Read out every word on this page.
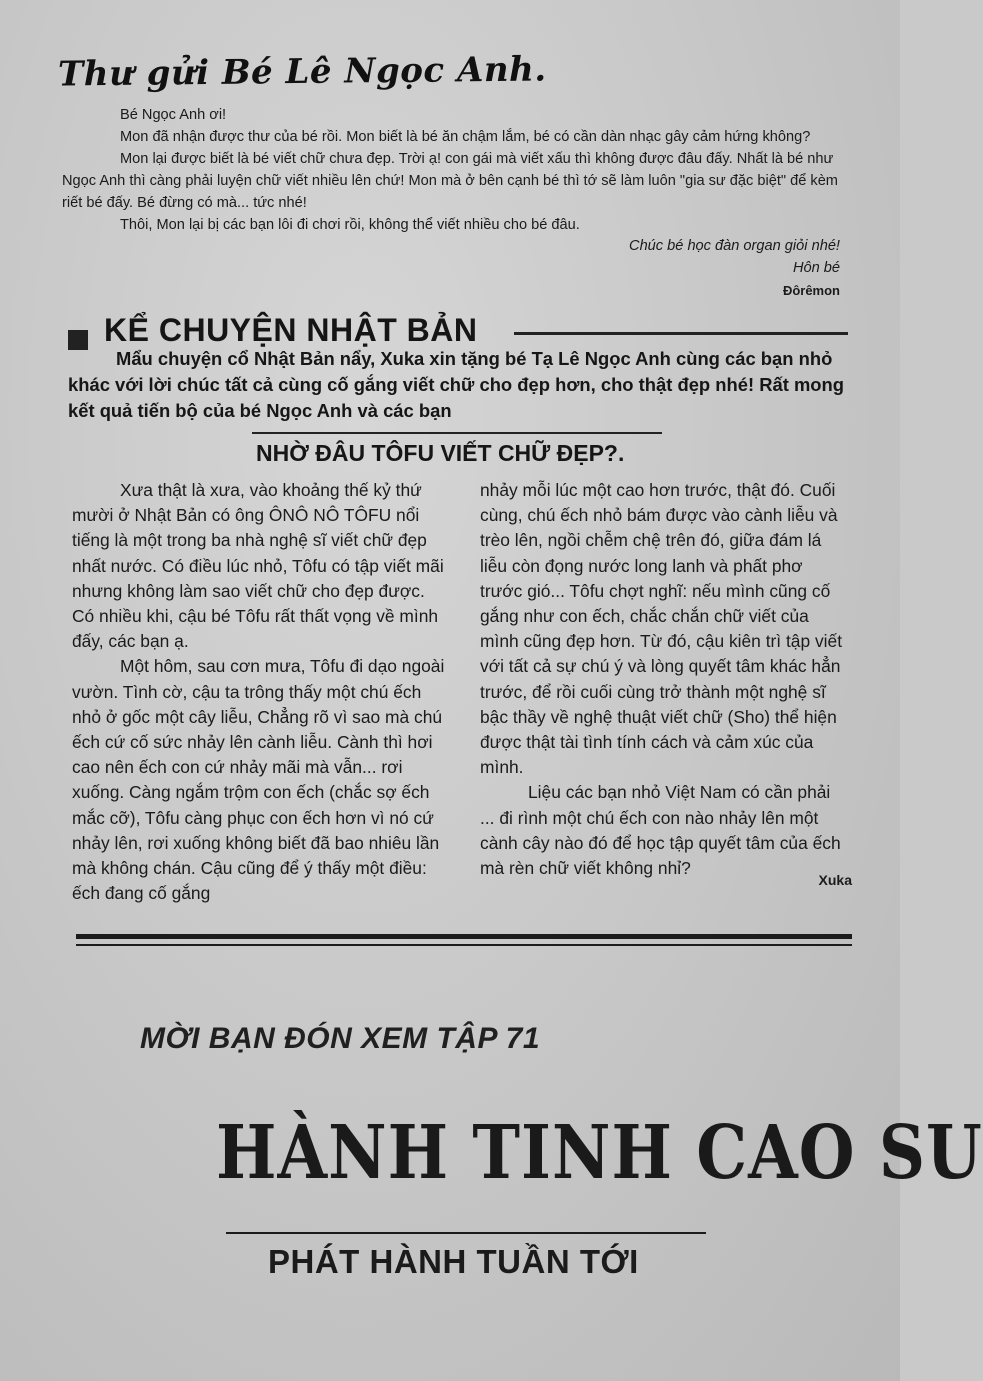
Thư gửi Bé Lê Ngọc Anh.

Bé Ngọc Anh ơi!

Mon đã nhận được thư của bé rồi. Mon biết là bé ăn chậm lắm, bé có cần dàn nhạc gây cảm hứng không?

Mon lại được biết là bé viết chữ chưa đẹp. Trời ạ! con gái mà viết xấu thì không được đâu đấy. Nhất là bé như Ngọc Anh thì càng phải luyện chữ viết nhiều lên chứ! Mon mà ở bên cạnh bé thì tớ sẽ làm luôn "gia sư đặc biệt" để kèm riết bé đấy. Bé đừng có mà... tức nhé!

Thôi, Mon lại bị các bạn lôi đi chơi rồi, không thể viết nhiều cho bé đâu.

Chúc bé học đàn organ giỏi nhé!
Hôn bé
Đôrêmon
KỂ CHUYỆN NHẬT BẢN

Mẩu chuyện cổ Nhật Bản nẩy, Xuka xin tặng bé Tạ Lê Ngọc Anh cùng các bạn nhỏ khác với lời chúc tất cả cùng cố gắng viết chữ cho đẹp hơn, cho thật đẹp nhé! Rất mong kết quả tiến bộ của bé Ngọc Anh và các bạn

NHỜ ĐÂU TÔFU VIẾT CHỮ ĐẸP?.

Xưa thật là xưa, vào khoảng thế kỷ thứ mười ở Nhật Bản có ông ÔNÔ NÔ TÔFU nổi tiếng là một trong ba nhà nghệ sĩ viết chữ đẹp nhất nước. Có điều lúc nhỏ, Tôfu có tập viết mãi nhưng không làm sao viết chữ cho đẹp được. Có nhiều khi, cậu bé Tôfu rất thất vọng về mình đấy, các bạn ạ.

Một hôm, sau cơn mưa, Tôfu đi dạo ngoài vườn. Tình cờ, cậu ta trông thấy một chú ếch nhỏ ở gốc một cây liễu, Chẳng rõ vì sao mà chú ếch cứ cố sức nhảy lên cành liễu. Cành thì hơi cao nên ếch con cứ nhảy mãi mà vẫn... rơi xuống. Càng ngắm trộm con ếch (chắc sợ ếch mắc cỡ), Tôfu càng phục con ếch hơn vì nó cứ nhảy lên, rơi xuống không biết đã bao nhiêu lần mà không chán. Cậu cũng để ý thấy một điều: ếch đang cố gắng

nhảy mỗi lúc một cao hơn trước, thật đó. Cuối cùng, chú ếch nhỏ bám được vào cành liễu và trèo lên, ngồi chễm chệ trên đó, giữa đám lá liễu còn đọng nước long lanh và phất phơ trước gió... Tôfu chợt nghĩ: nếu mình cũng cố gắng như con ếch, chắc chắn chữ viết của mình cũng đẹp hơn. Từ đó, cậu kiên trì tập viết với tất cả sự chú ý và lòng quyết tâm khác hẳn trước, để rồi cuối cùng trở thành một nghệ sĩ bậc thầy về nghệ thuật viết chữ (Sho) thể hiện được thật tài tình tính cách và cảm xúc của mình.

Liệu các bạn nhỏ Việt Nam có cần phải ... đi rình một chú ếch con nào nhảy lên một cành cây nào đó để học tập quyết tâm của ếch mà rèn chữ viết không nhỉ?

Xuka
MỜI BẠN ĐÓN XEM TẬP 71
HÀNH TINH CAO SU
PHÁT HÀNH TUẦN TỚI
